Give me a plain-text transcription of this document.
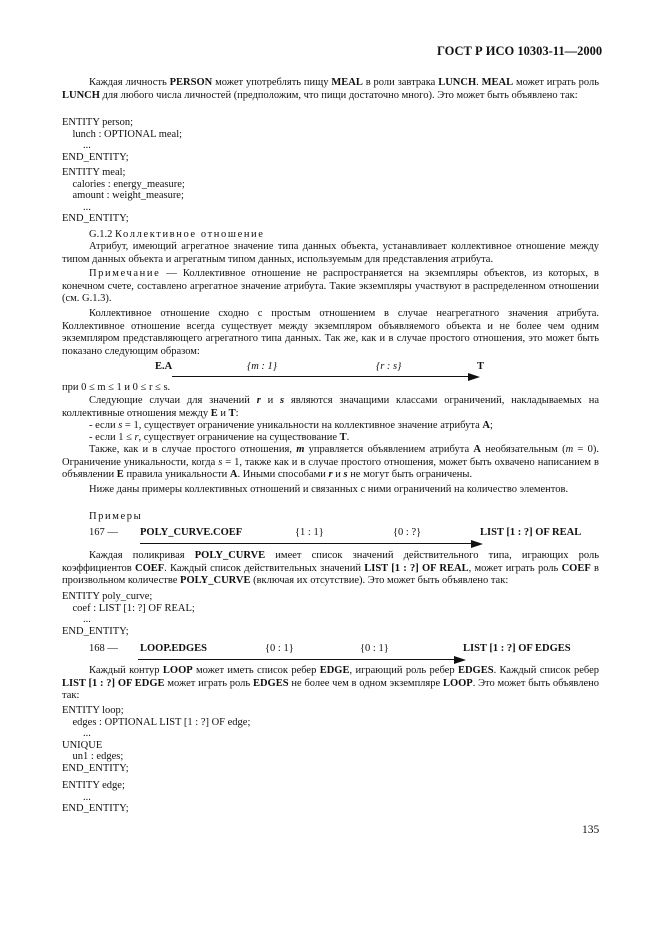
ГОСТ Р ИСО 10303-11—2000
Каждая личность PERSON может употреблять пищу MEAL в роли завтрака LUNCH. MEAL может играть роль LUNCH для любого числа личностей (предположим, что пищи достаточно много). Это может быть объявлено так:
ENTITY person;
lunch : OPTIONAL meal;
...
END_ENTITY;
ENTITY meal;
calories : energy_measure;
amount : weight_measure;
...
END_ENTITY;
G.1.2 Коллективное отношение
Атрибут, имеющий агрегатное значение типа данных объекта, устанавливает коллективное отношение между типом данных объекта и агрегатным типом данных, используемым для представления атрибута.
Примечание — Коллективное отношение не распространяется на экземпляры объектов, из которых, в конечном счете, составлено агрегатное значение атрибута. Такие экземпляры участвуют в распределенном отношении (см. G.1.3).
Коллективное отношение сходно с простым отношением в случае неагрегатного значения атрибута. Коллективное отношение всегда существует между экземпляром объявляемого объекта и не более чем одним экземпляром представляющего агрегатного типа данных. Так же, как и в случае простого отношения, это может быть показано следующим образом:
E.A	{m : 1}	{r : s}	T
при 0 ≤ m ≤ 1 и 0 ≤ r ≤ s.
Следующие случаи для значений r и s являются значащими классами ограничений, накладываемых на коллективные отношения между E и T:
- если s = 1, существует ограничение уникальности на коллективное значение атрибута A;
- если 1 ≤ r, существует ограничение на существование T.
Также, как и в случае простого отношения, m управляется объявлением атрибута A необязательным (m = 0). Ограничение уникальности, когда s = 1, также как и в случае простого отношения, может быть охвачено написанием в объявлении E правила уникальности A. Иными способами r и s не могут быть ограничены.
Ниже даны примеры коллективных отношений и связанных с ними ограничений на количество элементов.
Примеры
167 — POLY_CURVE.COEF	{1 : 1}	{0 : ?}	LIST [1 : ?] OF REAL
Каждая поликривая POLY_CURVE имеет список значений действительного типа, играющих роль коэффициентов COEF. Каждый список действительных значений LIST [1 : ?] OF REAL, может играть роль COEF в произвольном количестве POLY_CURVE (включая их отсутствие). Это может быть объявлено так:
ENTITY poly_curve;
coef : LIST [1: ?] OF REAL;
...
END_ENTITY;
168 — LOOP.EDGES	{0 : 1}	{0 : 1}	LIST [1 : ?] OF EDGES
Каждый контур LOOP может иметь список ребер EDGE, играющий роль ребер EDGES. Каждый список ребер LIST [1 : ?] OF EDGE может играть роль EDGES не более чем в одном экземпляре LOOP. Это может быть объявлено так:
ENTITY loop;
edges : OPTIONAL LIST [1 : ?] OF edge;
...
UNIQUE
un1 : edges;
END_ENTITY;
ENTITY edge;
...
END_ENTITY;
135
